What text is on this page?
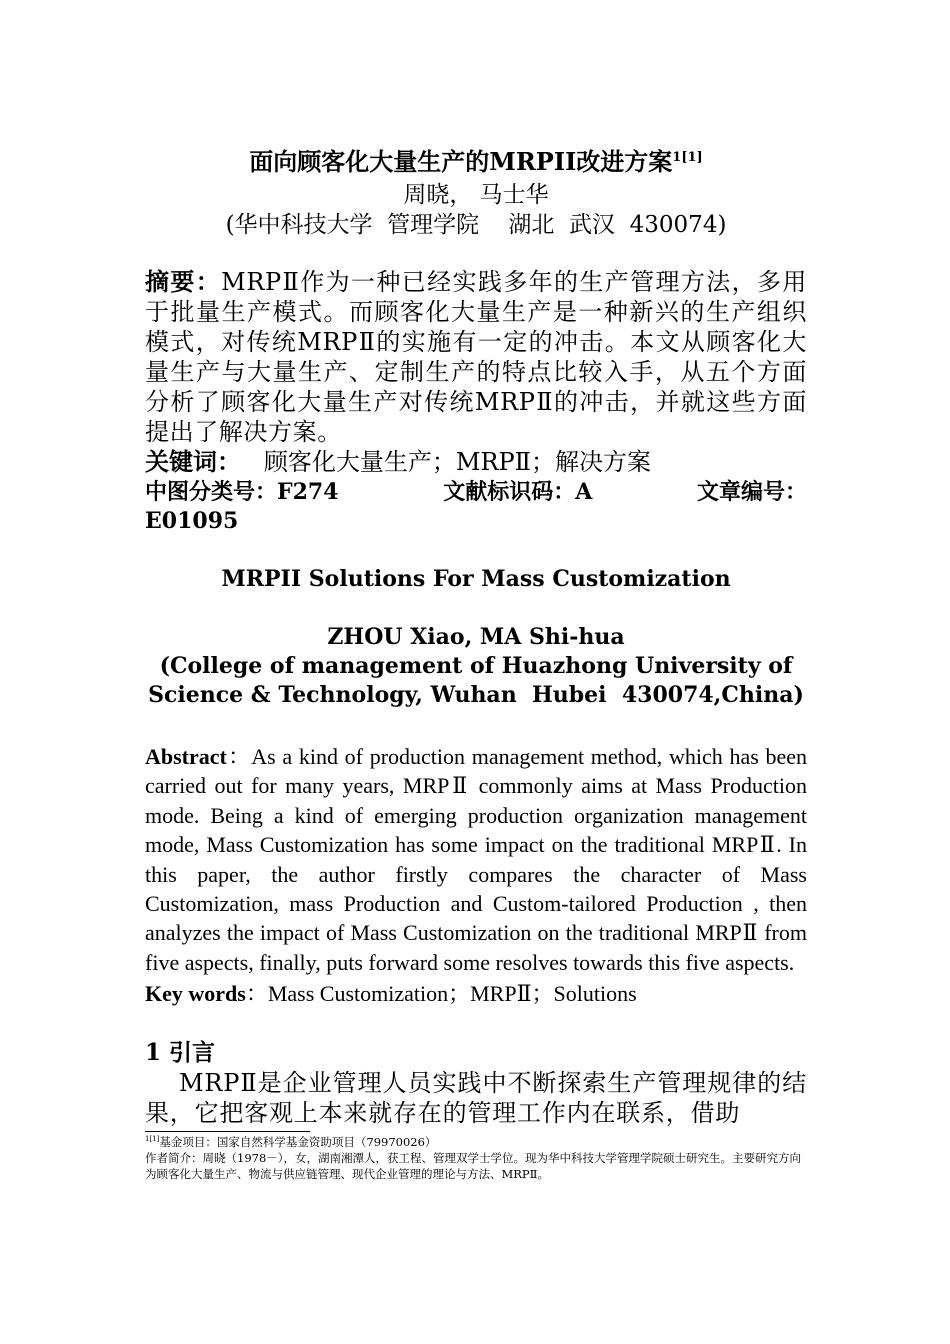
面向顾客化大量生产的MRPII改进方案$^{1[1]}$
周晓， 马士华
(华中科技大学  管理学院    湖北  武汉  430074)
摘要：MRPⅡ作为一种已经实践多年的生产管理方法，多用于批量生产模式。而顾客化大量生产是一种新兴的生产组织模式，对传统MRPⅡ的实施有一定的冲击。本文从顾客化大量生产与大量生产、定制生产的特点比较入手，从五个方面分析了顾客化大量生产对传统MRPⅡ的冲击，并就这些方面提出了解决方案。
关键词：   顾客化大量生产；MRPⅡ；解决方案
中图分类号：F274	文献标识码：A	文章编号：
E01095
MRPII Solutions For Mass Customization
ZHOU Xiao, MA Shi-hua
(College of management of Huazhong University of Science & Technology, Wuhan  Hubei  430074,China)
Abstract：As a kind of production management method, which has been carried out for many years, MRPⅡ commonly aims at Mass Production mode. Being a kind of emerging production organization management mode, Mass Customization has some impact on the traditional MRPⅡ. In this paper, the author firstly compares the character of Mass Customization, mass Production and Custom-tailored Production , then analyzes the impact of Mass Customization on the traditional MRPⅡ from five aspects, finally, puts forward some resolves towards this five aspects.
Key words：Mass Customization；MRPⅡ；Solutions
1 引言
MRPⅡ是企业管理人员实践中不断探索生产管理规律的结果，它把客观上本来就存在的管理工作内在联系，借助
$^{1[1]}$基金项目：国家自然科学基金资助项目（79970026）
作者简介：周晓（1978－），女，湖南湘潭人，获工程、管理双学士学位。现为华中科技大学管理学院硕士研究生。主要研究方向为顾客化大量生产、物流与供应链管理、现代企业管理的理论与方法、MRPⅡ。
